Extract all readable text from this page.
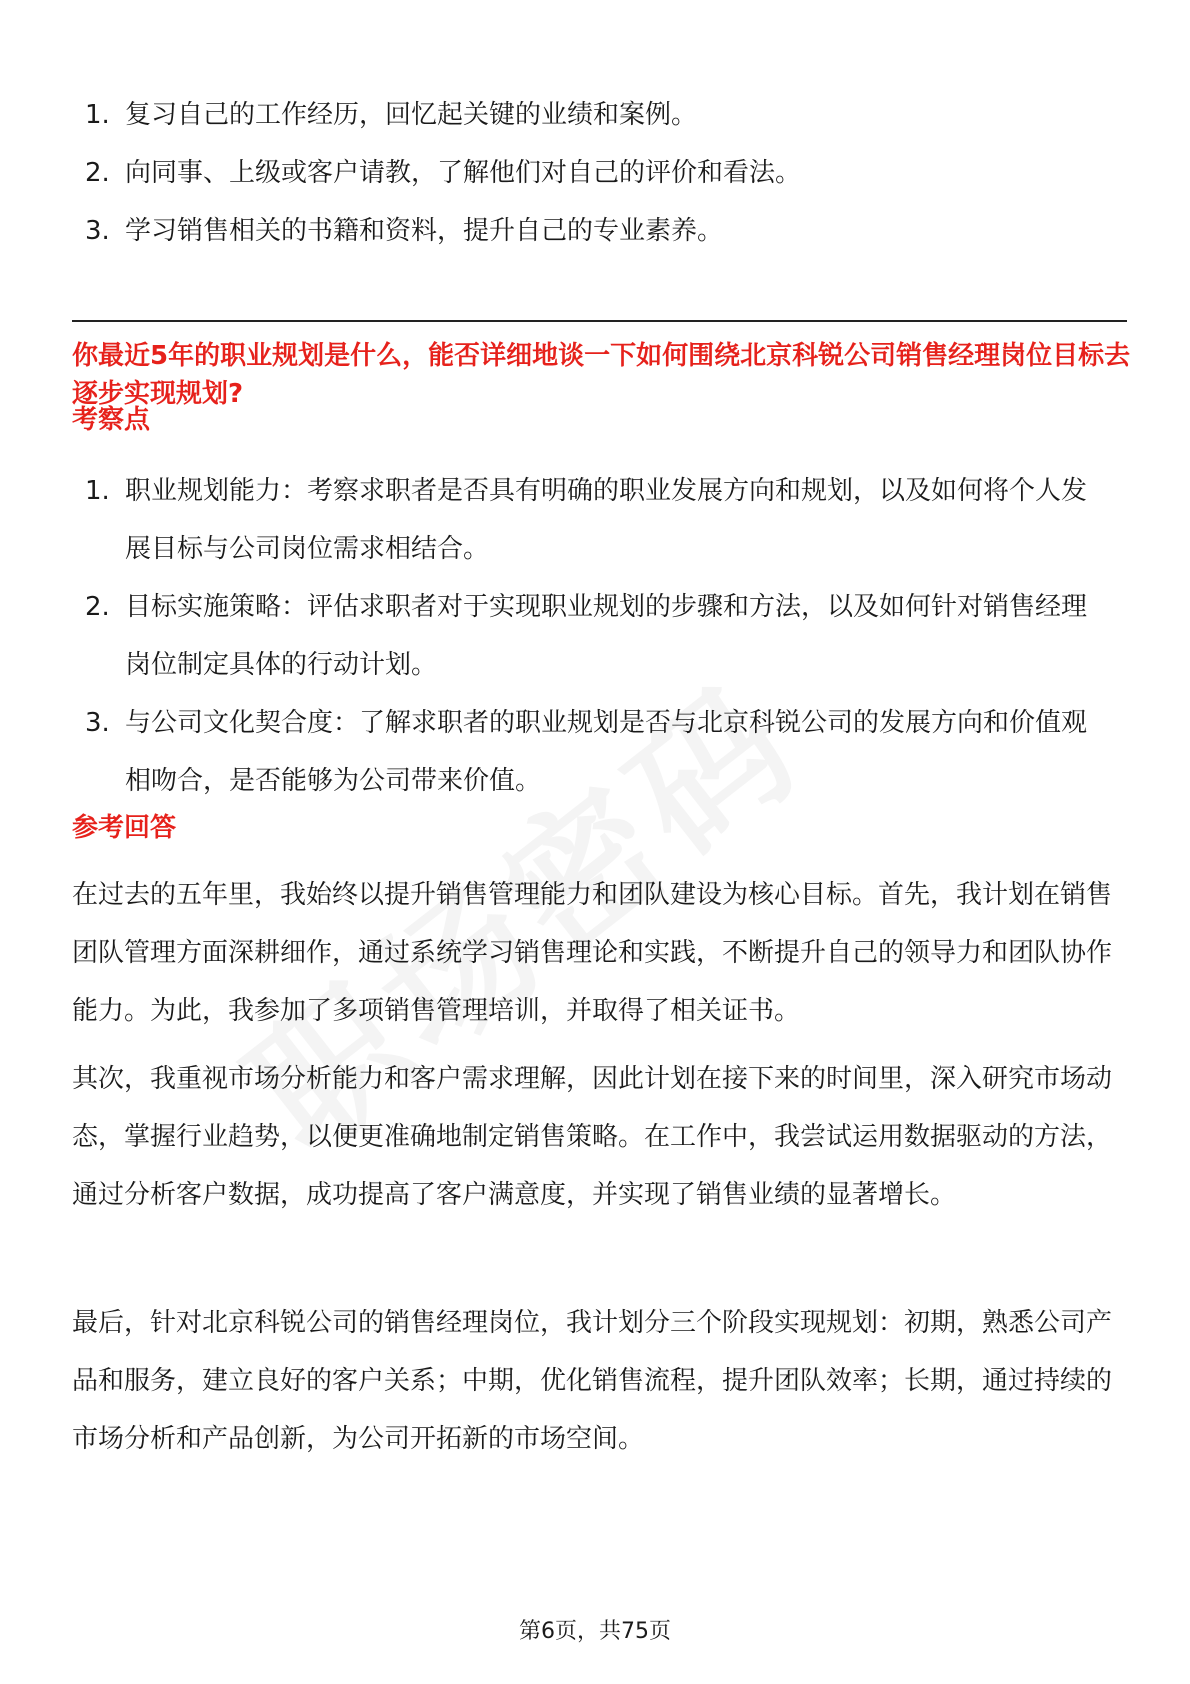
1. 复习自己的工作经历，回忆起关键的业绩和案例。
2. 向同事、上级或客户请教，了解他们对自己的评价和看法。
3. 学习销售相关的书籍和资料，提升自己的专业素养。
你最近5年的职业规划是什么，能否详细地谈一下如何围绕北京科锐公司销售经理岗位目标去逐步实现规划?
考察点
1. 职业规划能力：考察求职者是否具有明确的职业发展方向和规划，以及如何将个人发展目标与公司岗位需求相结合。
2. 目标实施策略：评估求职者对于实现职业规划的步骤和方法，以及如何针对销售经理岗位制定具体的行动计划。
3. 与公司文化契合度：了解求职者的职业规划是否与北京科锐公司的发展方向和价值观相吻合，是否能够为公司带来价值。
参考回答

在过去的五年里，我始终以提升销售管理能力和团队建设为核心目标。首先，我计划在销售团队管理方面深耕细作，通过系统学习销售理论和实践，不断提升自己的领导力和团队协作能力。为此，我参加了多项销售管理培训，并取得了相关证书。

其次，我重视市场分析能力和客户需求理解，因此计划在接下来的时间里，深入研究市场动态，掌握行业趋势，以便更准确地制定销售策略。在工作中，我尝试运用数据驱动的方法，通过分析客户数据，成功提高了客户满意度，并实现了销售业绩的显著增长。

最后，针对北京科锐公司的销售经理岗位，我计划分三个阶段实现规划：初期，熟悉公司产品和服务，建立良好的客户关系；中期，优化销售流程，提升团队效率；长期，通过持续的市场分析和产品创新，为公司开拓新的市场空间。

第6页，共75页
